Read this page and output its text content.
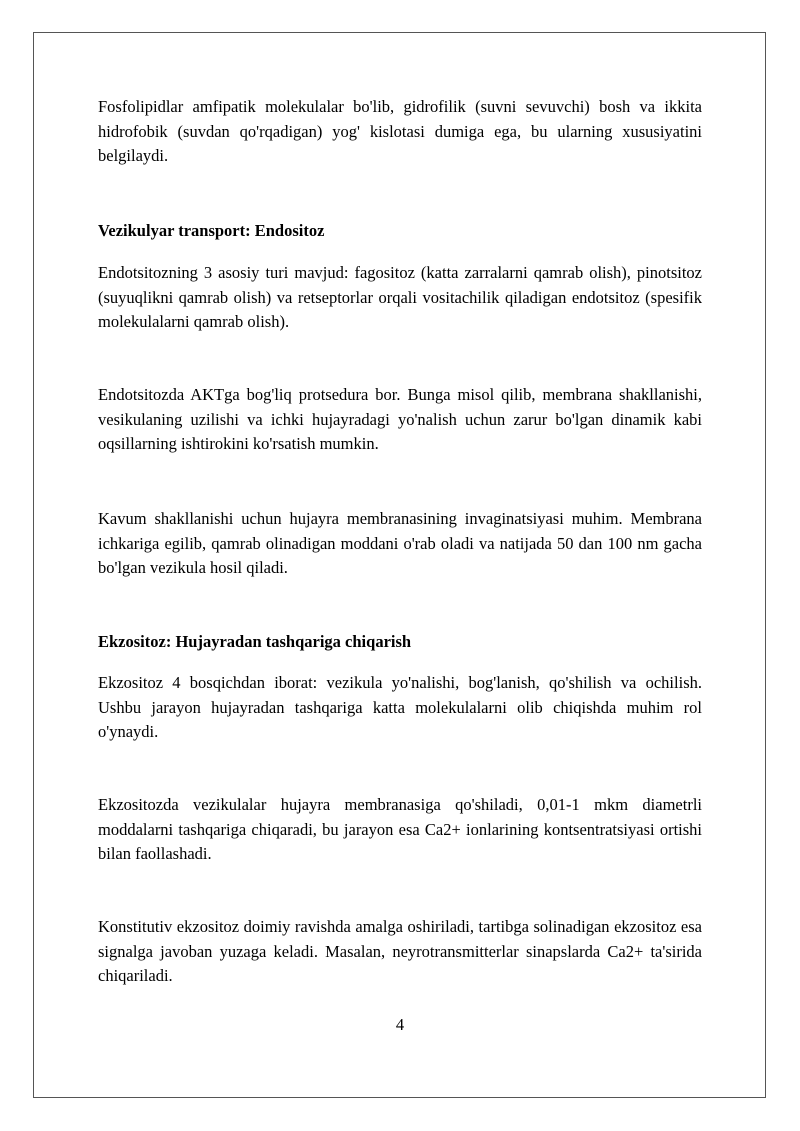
Fosfolipidlar amfipatik molekulalar bo'lib, gidrofilik (suvni sevuvchi) bosh va ikkita hidrofobik (suvdan qo'rqadigan) yog' kislotasi dumiga ega, bu ularning xususiyatini belgilaydi.

Vezikulyar transport: Endositoz

Endotsitozning 3 asosiy turi mavjud: fagositoz (katta zarralarni qamrab olish), pinotsitoz (suyuqlikni qamrab olish) va retseptorlar orqali vositachilik qiladigan endotsitoz (spesifik molekulalarni qamrab olish).

Endotsitozda AKTga bog'liq protsedura bor. Bunga misol qilib, membrana shakllanishi, vesikulaning uzilishi va ichki hujayradagi yo'nalish uchun zarur bo'lgan dinamik kabi oqsillarning ishtirokini ko'rsatish mumkin.

Kavum shakllanishi uchun hujayra membranasining invaginatsiyasi muhim. Membrana ichkariga egilib, qamrab olinadigan moddani o'rab oladi va natijada 50 dan 100 nm gacha bo'lgan vezikula hosil qiladi.

Ekzositoz: Hujayradan tashqariga chiqarish

Ekzositoz 4 bosqichdan iborat: vezikula yo'nalishi, bog'lanish, qo'shilish va ochilish. Ushbu jarayon hujayradan tashqariga katta molekulalarni olib chiqishda muhim rol o'ynaydi.

Ekzositozda vezikulalar hujayra membranasiga qo'shiladi, 0,01-1 mkm diametrli moddalarni tashqariga chiqaradi, bu jarayon esa Ca2+ ionlarining kontsentratsiyasi ortishi bilan faollashadi.

Konstitutiv ekzositoz doimiy ravishda amalga oshiriladi, tartibga solinadigan ekzositoz esa signalga javoban yuzaga keladi. Masalan, neyrotransmitterlar sinapslarda Ca2+ ta'sirida chiqariladi.

4
